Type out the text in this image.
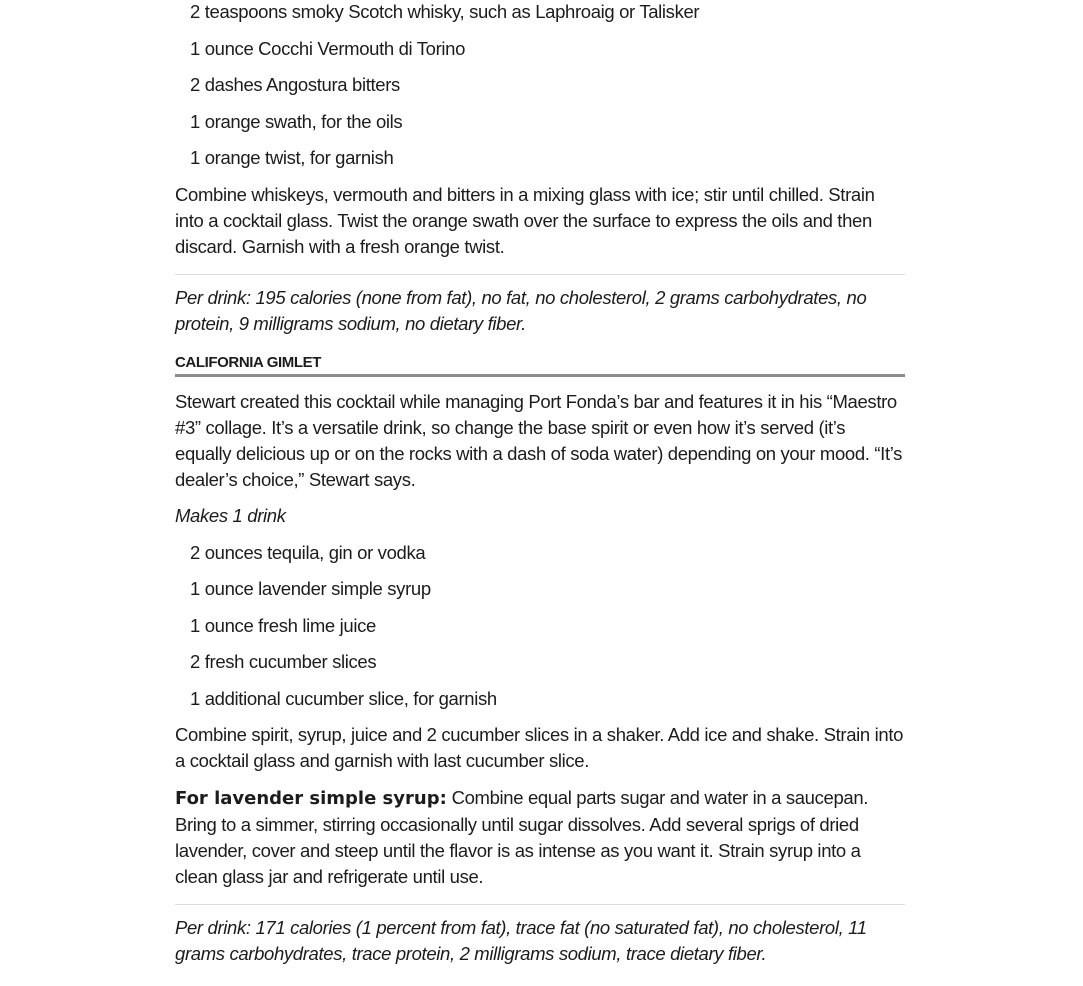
2 teaspoons smoky Scotch whisky, such as Laphroaig or Talisker
1 ounce Cocchi Vermouth di Torino
2 dashes Angostura bitters
1 orange swath, for the oils
1 orange twist, for garnish

Combine whiskeys, vermouth and bitters in a mixing glass with ice; stir until chilled. Strain into a cocktail glass. Twist the orange swath over the surface to express the oils and then discard. Garnish with a fresh orange twist.

Per drink: 195 calories (none from fat), no fat, no cholesterol, 2 grams carbohydrates, no protein, 9 milligrams sodium, no dietary fiber.

CALIFORNIA GIMLET

Stewart created this cocktail while managing Port Fonda’s bar and features it in his “Maestro #3” collage. It’s a versatile drink, so change the base spirit or even how it’s served (it’s equally delicious up or on the rocks with a dash of soda water) depending on your mood. “It’s dealer’s choice,” Stewart says.

Makes 1 drink

2 ounces tequila, gin or vodka
1 ounce lavender simple syrup
1 ounce fresh lime juice
2 fresh cucumber slices
1 additional cucumber slice, for garnish

Combine spirit, syrup, juice and 2 cucumber slices in a shaker. Add ice and shake. Strain into a cocktail glass and garnish with last cucumber slice.

For lavender simple syrup: Combine equal parts sugar and water in a saucepan. Bring to a simmer, stirring occasionally until sugar dissolves. Add several sprigs of dried lavender, cover and steep until the flavor is as intense as you want it. Strain syrup into a clean glass jar and refrigerate until use.

Per drink: 171 calories (1 percent from fat), trace fat (no saturated fat), no cholesterol, 11 grams carbohydrates, trace protein, 2 milligrams sodium, trace dietary fiber.
